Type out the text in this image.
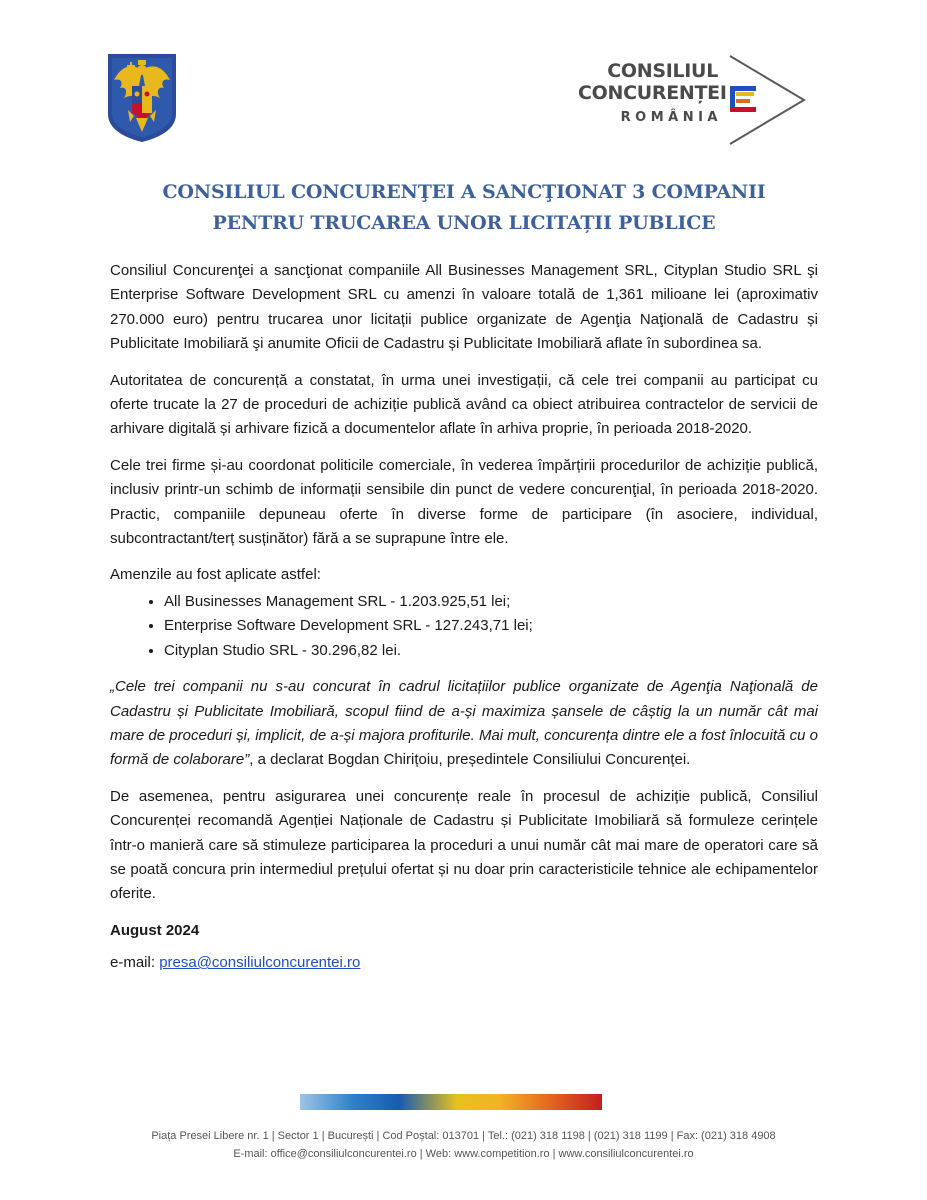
CONSILIUL
CONCURENȚEI
ROMÂNIA
CONSILIUL CONCURENŢEI A SANCŢIONAT 3 COMPANII
PENTRU TRUCAREA UNOR LICITAȚII PUBLICE

Consiliul Concurenţei a sancţionat companiile All Businesses Management SRL, Cityplan Studio SRL şi Enterprise Software Development SRL cu amenzi în valoare totală de 1,361 milioane lei (aproximativ 270.000 euro) pentru trucarea unor licitații publice organizate de Agenţia Naţională de Cadastru și Publicitate Imobiliară şi anumite Oficii de Cadastru și Publicitate Imobiliară aflate în subordinea sa.

Autoritatea de concurență a constatat, în urma unei investigații, că cele trei companii au participat cu oferte trucate la 27 de proceduri de achiziție publică având ca obiect atribuirea contractelor de servicii de arhivare digitală și arhivare fizică a documentelor aflate în arhiva proprie, în perioada 2018-2020.

Cele trei firme și-au coordonat politicile comerciale, în vederea împărțirii procedurilor de achiziție publică, inclusiv printr-un schimb de informații sensibile din punct de vedere concurenţial, în perioada 2018-2020. Practic, companiile depuneau oferte în diverse forme de participare (în asociere, individual, subcontractant/terț susținător) fără a se suprapune între ele.

Amenzile au fost aplicate astfel:

• All Businesses Management SRL - 1.203.925,51 lei;
• Enterprise Software Development SRL - 127.243,71 lei;
• Cityplan Studio SRL - 30.296,82 lei.

„Cele trei companii nu s-au concurat în cadrul licitațiilor publice organizate de Agenţia Naţională de Cadastru și Publicitate Imobiliară, scopul fiind de a-și maximiza șansele de câștig la un număr cât mai mare de proceduri și, implicit, de a-și majora profiturile. Mai mult, concurența dintre ele a fost înlocuită cu o formă de colaborare”, a declarat Bogdan Chirițoiu, președintele Consiliului Concurenței.

De asemenea, pentru asigurarea unei concurențe reale în procesul de achiziție publică, Consiliul Concurenței recomandă Agenției Naționale de Cadastru și Publicitate Imobiliară să formuleze cerințele într-o manieră care să stimuleze participarea la proceduri a unui număr cât mai mare de operatori care să se poată concura prin intermediul prețului ofertat și nu doar prin caracteristicile tehnice ale echipamentelor oferite.

August 2024

e-mail: presa@consiliulconcurentei.ro

Piața Presei Libere nr. 1 | Sector 1 | București | Cod Poștal: 013701 | Tel.: (021) 318 1198 | (021) 318 1199 | Fax: (021) 318 4908
E-mail: office@consiliulconcurentei.ro | Web: www.competition.ro | www.consiliulconcurentei.ro
